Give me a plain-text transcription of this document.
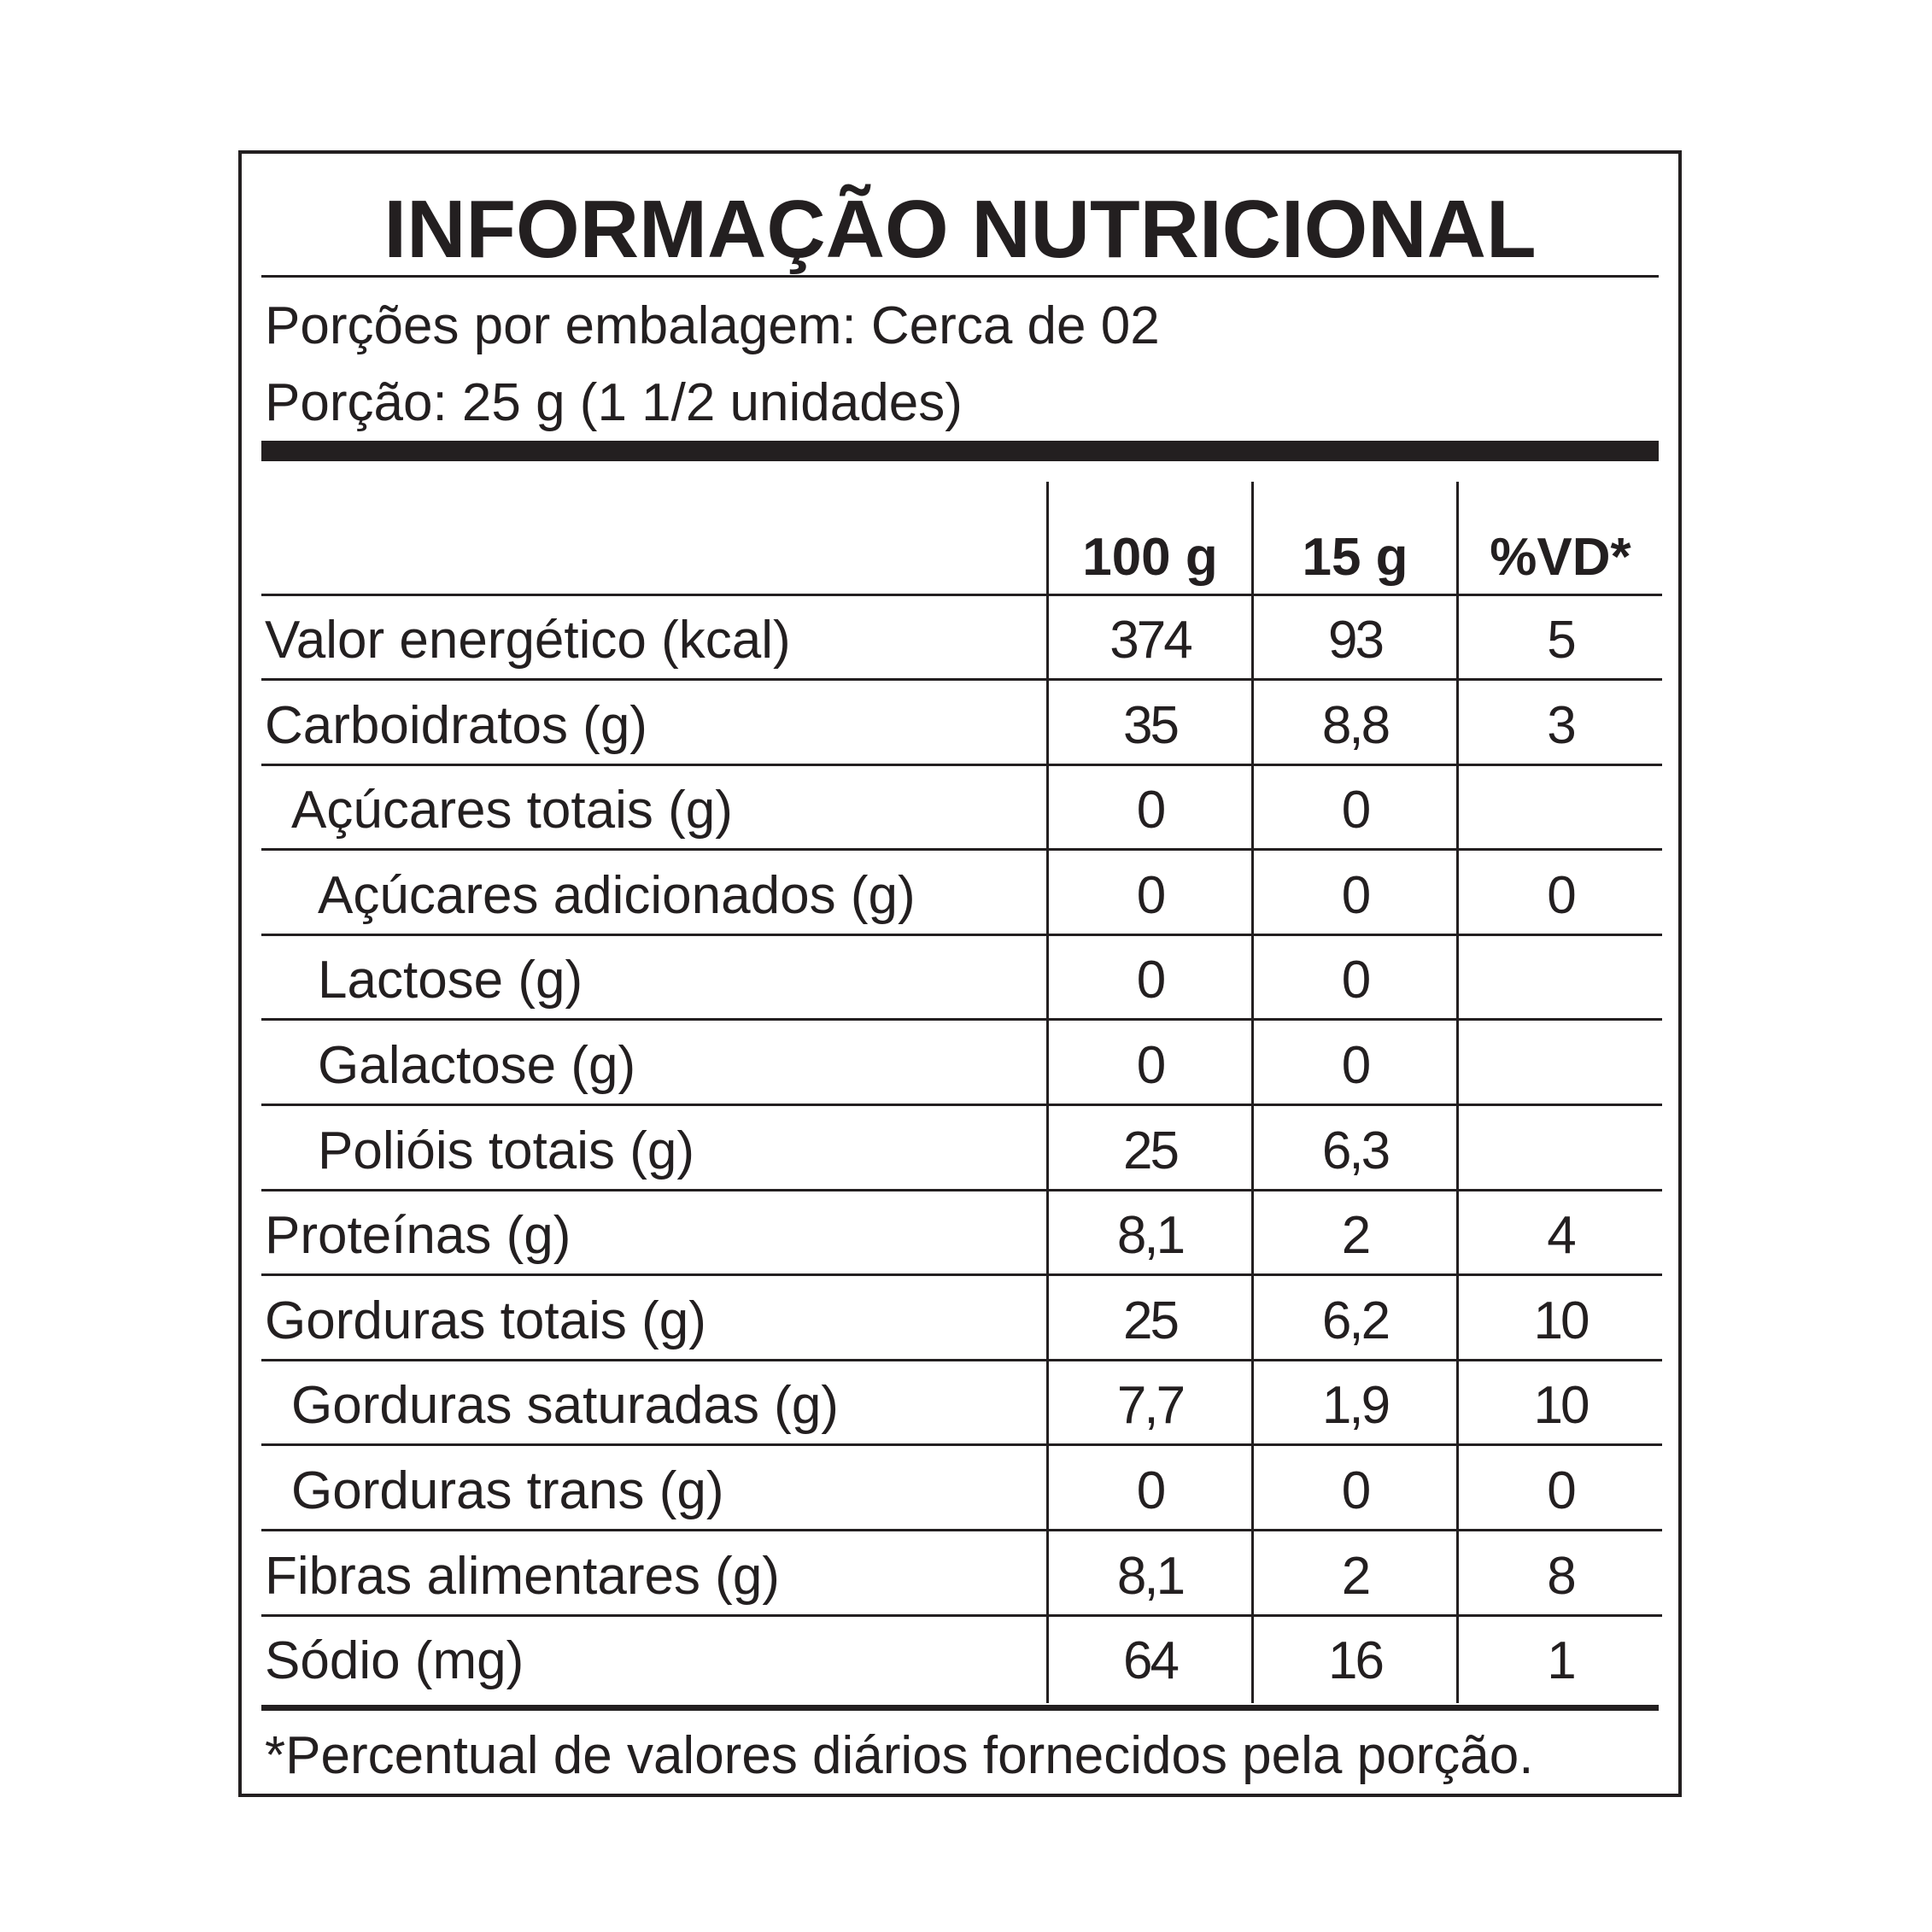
INFORMAÇÃO NUTRICIONAL
Porções por embalagem: Cerca de 02
Porção: 25 g (1 1/2 unidades)
100 g	15 g	%VD*
Valor energético (kcal)	374	93	5
Carboidratos (g)	35	8,8	3
Açúcares totais (g)	0	0
Açúcares adicionados (g)	0	0	0
Lactose (g)	0	0
Galactose (g)	0	0
Polióis totais (g)	25	6,3
Proteínas (g)	8,1	2	4
Gorduras totais (g)	25	6,2	10
Gorduras saturadas (g)	7,7	1,9	10
Gorduras trans (g)	0	0	0
Fibras alimentares (g)	8,1	2	8
Sódio (mg)	64	16	1
*Percentual de valores diários fornecidos pela porção.
